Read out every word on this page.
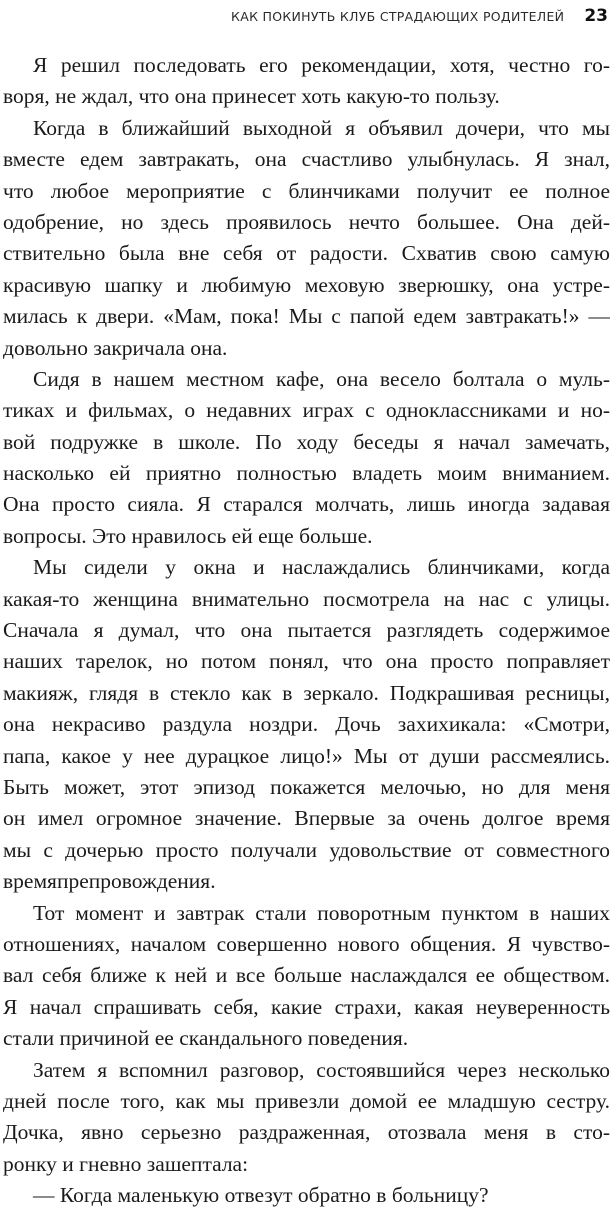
КАК ПОКИНУТЬ КЛУБ СТРАДАЮЩИХ РОДИТЕЛЕЙ 23
Я решил последовать его рекомендации, хотя, честно го-
воря, не ждал, что она принесет хоть какую-то пользу.
Когда в ближайший выходной я объявил дочери, что мы
вместе едем завтракать, она счастливо улыбнулась. Я знал,
что любое мероприятие с блинчиками получит ее полное
одобрение, но здесь проявилось нечто большее. Она дей-
ствительно была вне себя от радости. Схватив свою самую
красивую шапку и любимую меховую зверюшку, она устре-
милась к двери. «Мам, пока! Мы с папой едем завтракать!» —
довольно закричала она.
Сидя в нашем местном кафе, она весело болтала о муль-
тиках и фильмах, о недавних играх с одноклассниками и но-
вой подружке в школе. По ходу беседы я начал замечать,
насколько ей приятно полностью владеть моим вниманием.
Она просто сияла. Я старался молчать, лишь иногда задавая
вопросы. Это нравилось ей еще больше.
Мы сидели у окна и наслаждались блинчиками, когда
какая-то женщина внимательно посмотрела на нас с улицы.
Сначала я думал, что она пытается разглядеть содержимое
наших тарелок, но потом понял, что она просто поправляет
макияж, глядя в стекло как в зеркало. Подкрашивая ресницы,
она некрасиво раздула ноздри. Дочь захихикала: «Смотри,
папа, какое у нее дурацкое лицо!» Мы от души рассмеялись.
Быть может, этот эпизод покажется мелочью, но для меня
он имел огромное значение. Впервые за очень долгое время
мы с дочерью просто получали удовольствие от совместного
времяпрепровождения.
Тот момент и завтрак стали поворотным пунктом в наших
отношениях, началом совершенно нового общения. Я чувство-
вал себя ближе к ней и все больше наслаждался ее обществом.
Я начал спрашивать себя, какие страхи, какая неуверенность
стали причиной ее скандального поведения.
Затем я вспомнил разговор, состоявшийся через несколько
дней после того, как мы привезли домой ее младшую сестру.
Дочка, явно серьезно раздраженная, отозвала меня в сто-
ронку и гневно зашептала:
— Когда маленькую отвезут обратно в больницу?
